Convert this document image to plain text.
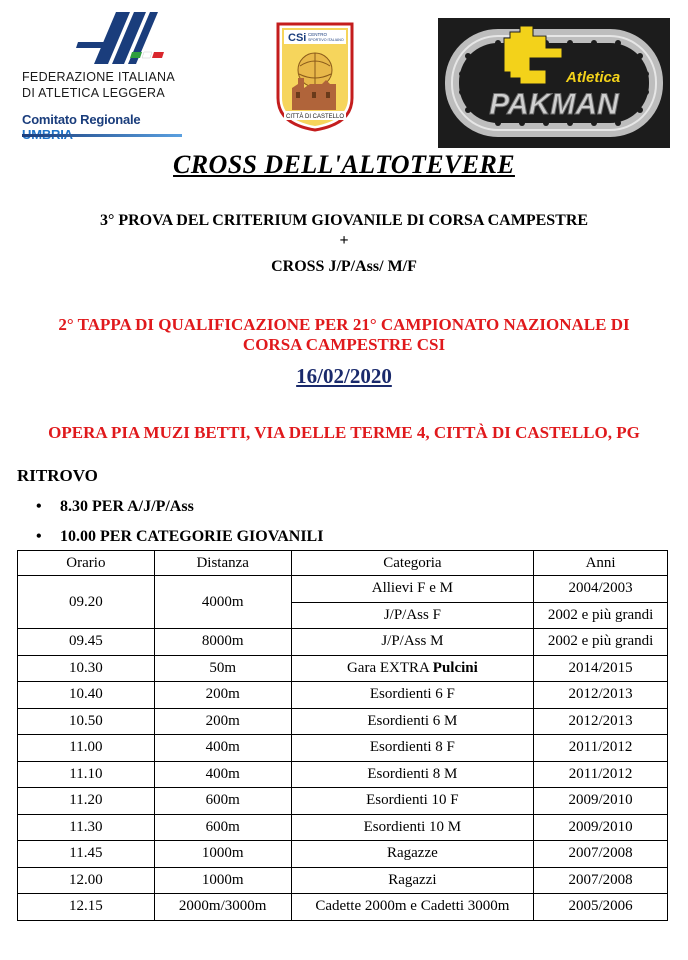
FEDERAZIONE ITALIANA
DI ATLETICA LEGGERA
Comitato Regionale
CSi CENTRO
SPORTIVO ITALIANO
CITTÀ DI CASTELLO
Atletica
PAKMAN
CROSS DELL'ALTOTEVERE
3° PROVA DEL CRITERIUM GIOVANILE DI CORSA CAMPESTRE
+
CROSS J/P/Ass/ M/F
2° TAPPA DI QUALIFICAZIONE PER 21° CAMPIONATO NAZIONALE DI
CORSA CAMPESTRE CSI
16/02/2020
OPERA PIA MUZI BETTI, VIA DELLE TERME 4, CITTÀ DI CASTELLO, PG
RITROVO
• 8.30 PER A/J/P/Ass
• 10.00 PER CATEGORIE GIOVANILI
Orario	Distanza	Categoria	Anni
09.20	4000m	Allievi F e M	2004/2003
		J/P/Ass F	2002 e più grandi
09.45	8000m	J/P/Ass M	2002 e più grandi
10.30	50m	Gara EXTRA Pulcini	2014/2015
10.40	200m	Esordienti 6 F	2012/2013
10.50	200m	Esordienti 6 M	2012/2013
11.00	400m	Esordienti 8 F	2011/2012
11.10	400m	Esordienti 8 M	2011/2012
11.20	600m	Esordienti 10 F	2009/2010
11.30	600m	Esordienti 10 M	2009/2010
11.45	1000m	Ragazze	2007/2008
12.00	1000m	Ragazzi	2007/2008
12.15	2000m/3000m	Cadette 2000m e Cadetti 3000m	2005/2006
